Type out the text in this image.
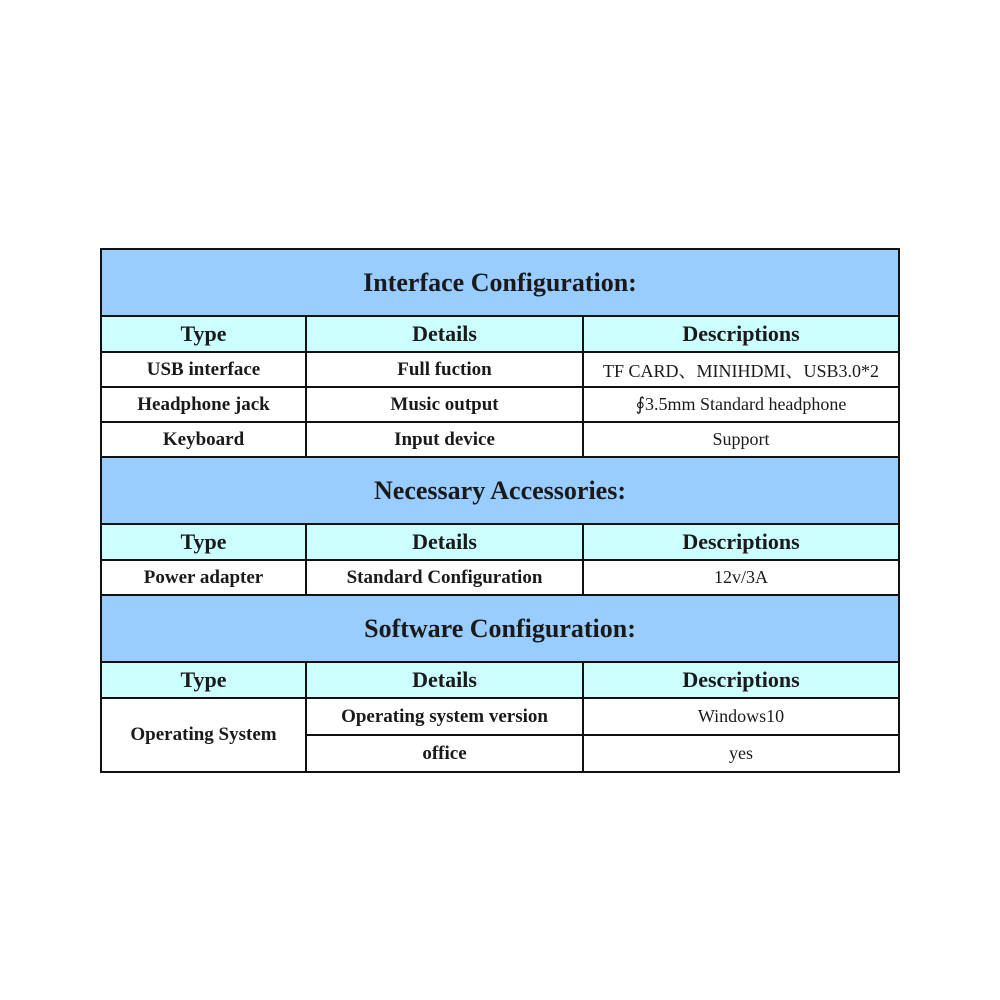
Interface Configuration:		
Type	Details	Descriptions
USB interface	Full fuction	TF CARD、MINIHDMI、USB3.0*2
Headphone jack	Music output	∮3.5mm Standard headphone
Keyboard	Input device	Support
Necessary Accessories:		
Type	Details	Descriptions
Power adapter	Standard Configuration	12v/3A
Software Configuration:		
Type	Details	Descriptions
Operating System	Operating system version	Windows10
	office	yes
